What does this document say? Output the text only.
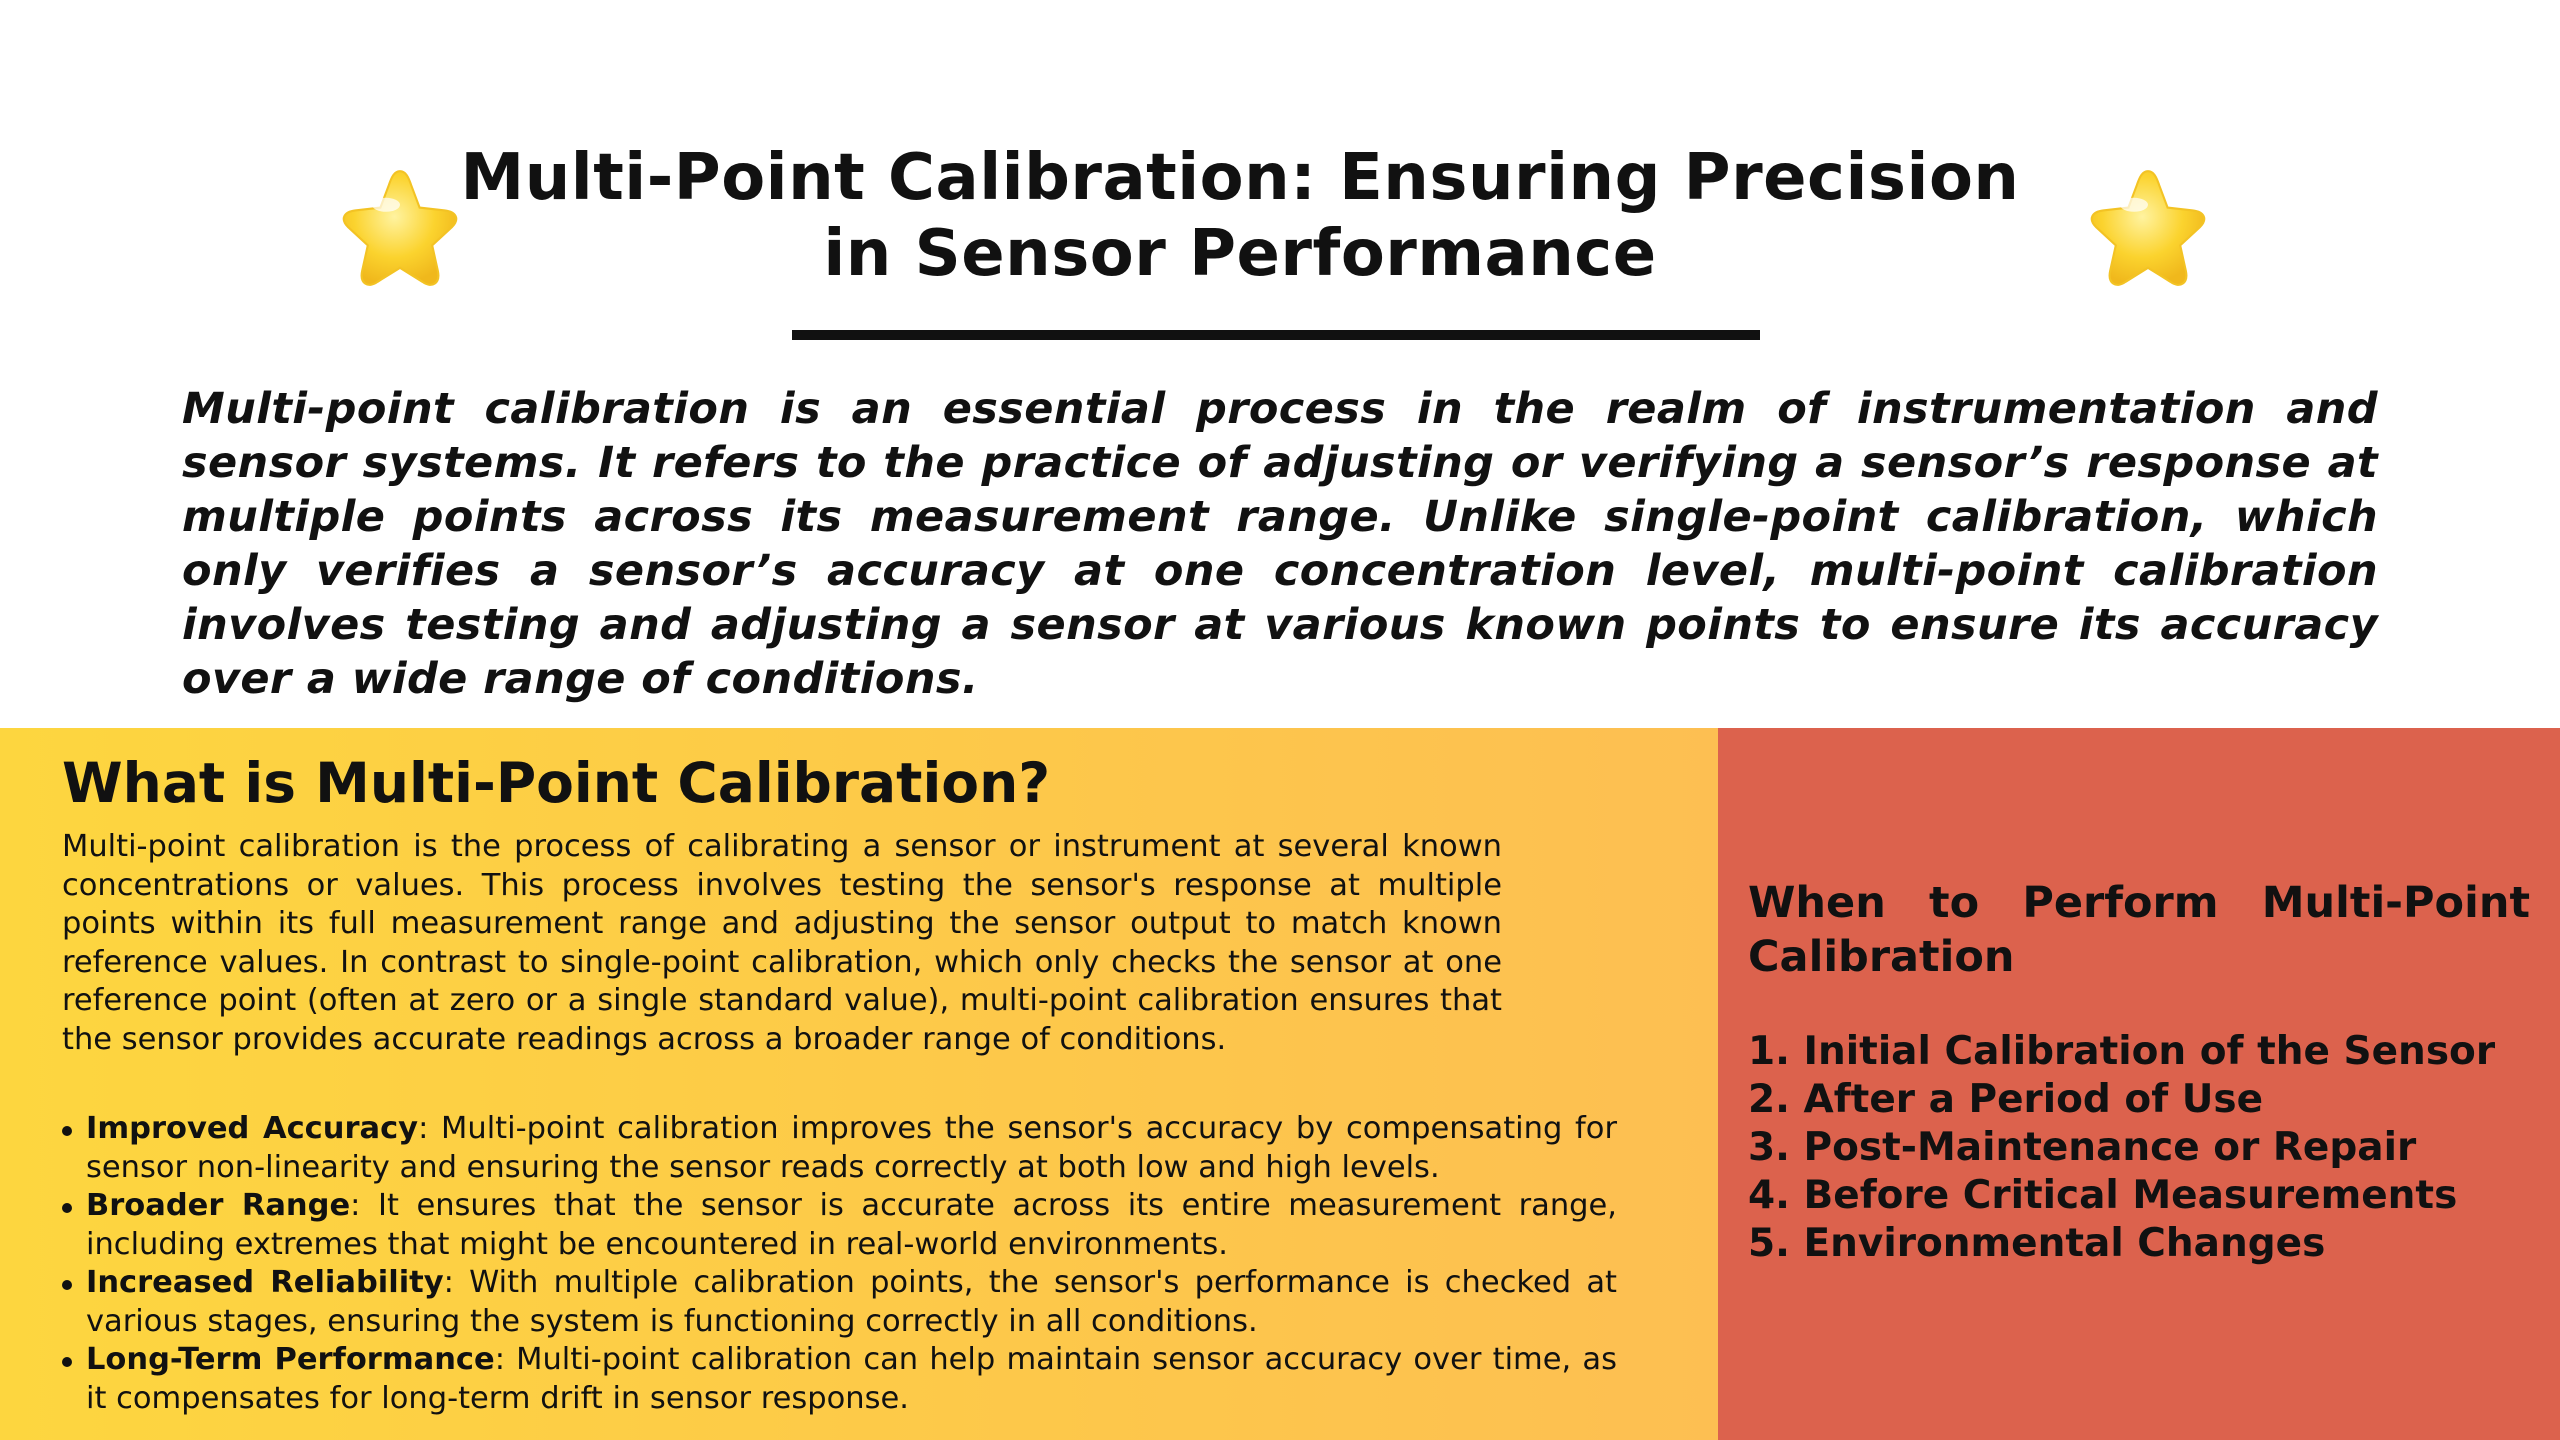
Multi-Point Calibration: Ensuring Precision
in Sensor Performance

Multi-point calibration is an essential process in the realm of instrumentation and sensor systems. It refers to the practice of adjusting or verifying a sensor’s response at multiple points across its measurement range. Unlike single-point calibration, which only verifies a sensor’s accuracy at one concentration level, multi-point calibration involves testing and adjusting a sensor at various known points to ensure its accuracy over a wide range of conditions.

What is Multi-Point Calibration?

Multi-point calibration is the process of calibrating a sensor or instrument at several known concentrations or values. This process involves testing the sensor's response at multiple points within its full measurement range and adjusting the sensor output to match known reference values. In contrast to single-point calibration, which only checks the sensor at one reference point (often at zero or a single standard value), multi-point calibration ensures that the sensor provides accurate readings across a broader range of conditions.

Improved Accuracy: Multi-point calibration improves the sensor's accuracy by compensating for sensor non-linearity and ensuring the sensor reads correctly at both low and high levels.
Broader Range: It ensures that the sensor is accurate across its entire measurement range, including extremes that might be encountered in real-world environments.
Increased Reliability: With multiple calibration points, the sensor's performance is checked at various stages, ensuring the system is functioning correctly in all conditions.
Long-Term Performance: Multi-point calibration can help maintain sensor accuracy over time, as it compensates for long-term drift in sensor response.
When to Perform Multi-Point
Calibration
1. Initial Calibration of the Sensor
2. After a Period of Use
3. Post-Maintenance or Repair
4. Before Critical Measurements
5. Environmental Changes
